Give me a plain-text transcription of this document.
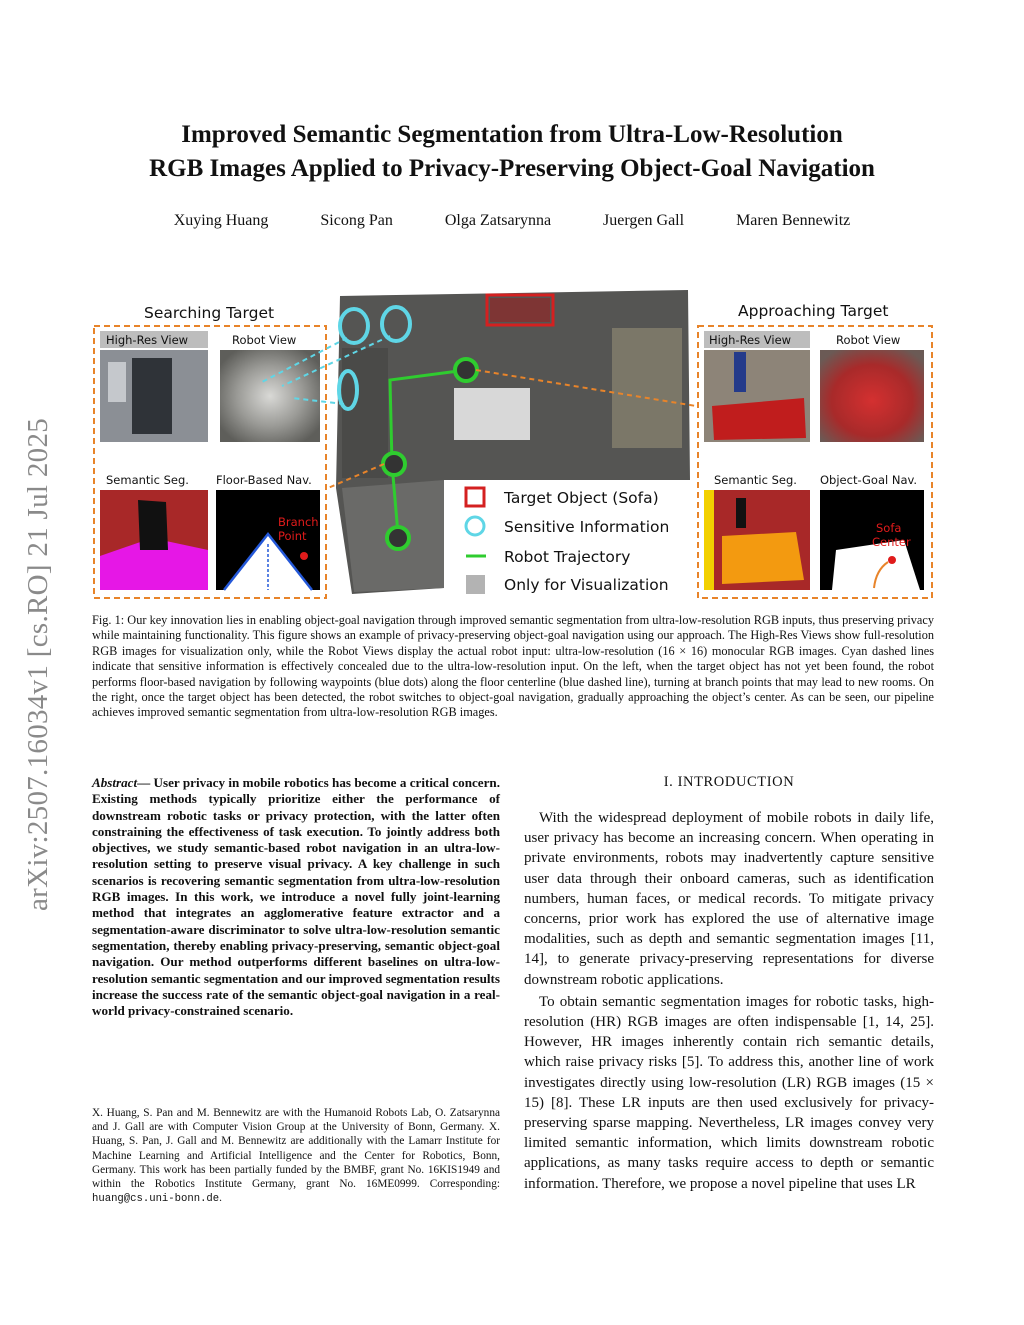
arXiv:2507.16034v1 [cs.RO] 21 Jul 2025
Improved Semantic Segmentation from Ultra-Low-Resolution
RGB Images Applied to Privacy-Preserving Object-Goal Navigation
Xuying Huang	Sicong Pan	Olga Zatsarynna	Juergen Gall	Maren Bennewitz
Target Object (Sofa)
Sensitive Information
Robot Trajectory
Only for Visualization
Searching Target
High-Res View	Robot View
Semantic Seg. Floor-Based Nav.
Branch
Point
Approaching Target
High-Res View	Robot View
Semantic Seg. Object-Goal Nav.
Sofa
Center
Fig. 1: Our key innovation lies in enabling object-goal navigation through improved semantic segmentation from ultra-low-resolution RGB inputs, thus preserving privacy while maintaining functionality. This figure shows an example of privacy-preserving object-goal navigation using our approach. The High-Res Views show full-resolution RGB images for visualization only, while the Robot Views display the actual robot input: ultra-low-resolution (16 × 16) monocular RGB images. Cyan dashed lines indicate that sensitive information is effectively concealed due to the ultra-low-resolution input. On the left, when the target object has not yet been found, the robot performs floor-based navigation by following waypoints (blue dots) along the floor centerline (blue dashed line), turning at branch points that may lead to new rooms. On the right, once the target object has been detected, the robot switches to object-goal navigation, gradually approaching the object’s center. As can be seen, our pipeline achieves improved semantic segmentation from ultra-low-resolution RGB images.
Abstract— User privacy in mobile robotics has become a critical concern. Existing methods typically prioritize either the performance of downstream robotic tasks or privacy protection, with the latter often constraining the effectiveness of task execution. To jointly address both objectives, we study semantic-based robot navigation in an ultra-low-resolution setting to preserve visual privacy. A key challenge in such scenarios is recovering semantic segmentation from ultra-low-resolution RGB images. In this work, we introduce a novel fully joint-learning method that integrates an agglomerative feature extractor and a segmentation-aware discriminator to solve ultra-low-resolution semantic segmentation, thereby enabling privacy-preserving, semantic object-goal navigation. Our method outperforms different baselines on ultra-low-resolution semantic segmentation and our improved segmentation results increase the success rate of the semantic object-goal navigation in a real-world privacy-constrained scenario.
X. Huang, S. Pan and M. Bennewitz are with the Humanoid Robots Lab, O. Zatsarynna and J. Gall are with Computer Vision Group at the University of Bonn, Germany. X. Huang, S. Pan, J. Gall and M. Bennewitz are additionally with the Lamarr Institute for Machine Learning and Artificial Intelligence and the Center for Robotics, Bonn, Germany. This work has been partially funded by the BMBF, grant No. 16KIS1949 and within the Robotics Institute Germany, grant No. 16ME0999. Corresponding: huang@cs.uni-bonn.de.
I. INTRODUCTION

With the widespread deployment of mobile robots in daily life, user privacy has become an increasing concern. When operating in private environments, robots may inadvertently capture sensitive user data through their onboard cameras, such as identification numbers, human faces, or medical records. To mitigate privacy concerns, prior work has explored the use of alternative image modalities, such as depth and semantic segmentation images [11, 14], to generate privacy-preserving representations for diverse downstream robotic applications.

To obtain semantic segmentation images for robotic tasks, high-resolution (HR) RGB images are often indispensable [1, 14, 25]. However, HR images inherently contain rich semantic details, which raise privacy risks [5]. To address this, another line of work investigates directly using low-resolution (LR) RGB images (15 × 15) [8]. These LR inputs are then used exclusively for privacy-preserving sparse mapping. Nevertheless, LR images convey very limited semantic information, which limits downstream robotic applications, as many tasks require access to depth or semantic information. Therefore, we propose a novel pipeline that uses LR
